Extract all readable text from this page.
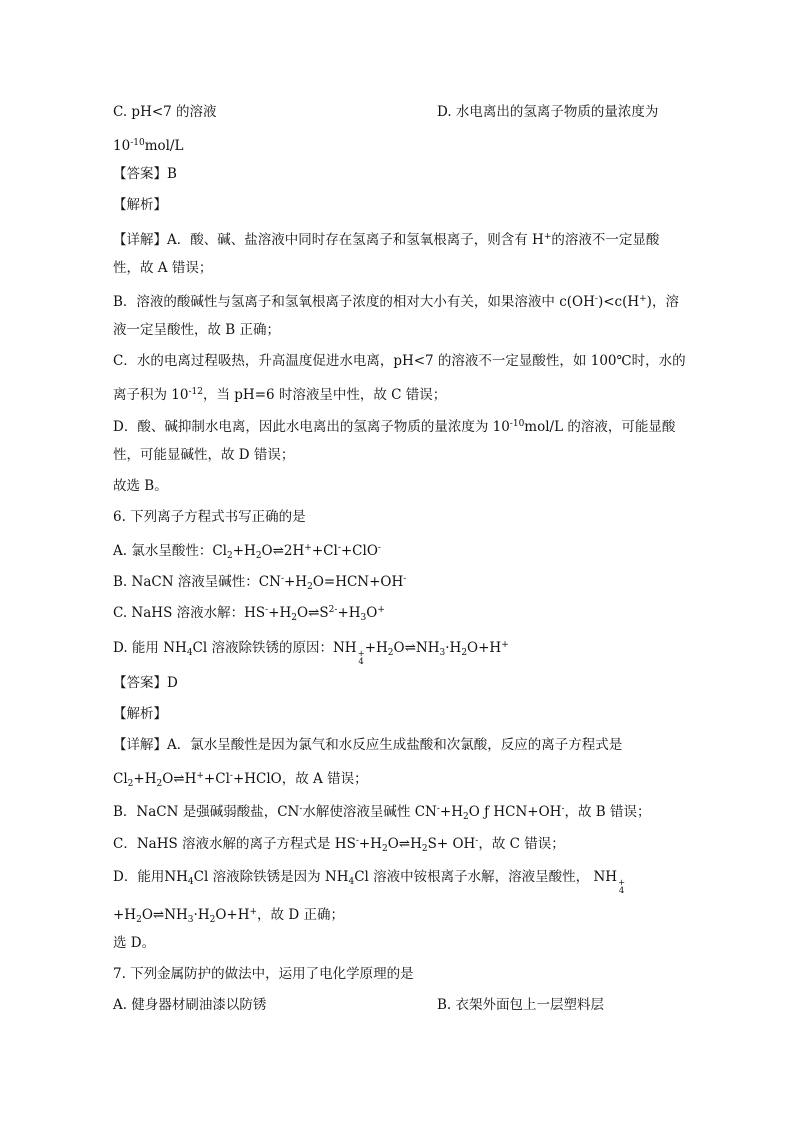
C. pH<7 的溶液	D. 水电离出的氢离子物质的量浓度为
$10^{-10}mol/L$
【答案】B
【解析】
【详解】A．酸、碱、盐溶液中同时存在氢离子和氢氧根离子，则含有 H+的溶液不一定显酸
性，故 A 错误；
B．溶液的酸碱性与氢离子和氢氧根离子浓度的相对大小有关，如果溶液中 c(OH-)<c(H+)，溶
液一定呈酸性，故 B 正确；
C．水的电离过程吸热，升高温度促进水电离，pH<7 的溶液不一定显酸性，如 100℃时，水的
离子积为 $10^{-12}$，当 pH=6 时溶液呈中性，故 C 错误；
D．酸、碱抑制水电离，因此水电离出的氢离子物质的量浓度为 $10^{-10}mol/L$ 的溶液，可能显酸
性，可能显碱性，故 D 错误；
故选 B。
6. 下列离子方程式书写正确的是
A. 氯水呈酸性：$Cl_2+H_2O\rightleftharpoons 2H^++Cl^-+ClO^-$
B. NaCN 溶液呈碱性：$CN^-+H_2O=HCN+OH^-$
C. NaHS 溶液水解：$HS^-+H_2O\rightleftharpoons S^{2-}+H_3O^+$
D. 能用 $NH_4Cl$ 溶液除铁锈的原因：NH +
4
$+H_2O\rightleftharpoons NH_3\cdot H_2O+H^+$
【答案】D
【解析】
【详解】A．氯水呈酸性是因为氯气和水反应生成盐酸和次氯酸，反应的离子方程式是
$Cl_2+H_2O\rightleftharpoons H^++Cl^-+HClO$，故 A 错误；
B．NaCN 是强碱弱酸盐，CN-水解使溶液呈碱性 $CN^-+H_2O$ ƒ HCN+OH-，故 B 错误；
C．NaHS 溶液水解的离子方程式是 $HS^-+H_2O\rightleftharpoons H_2S+ OH^-$，故 C 错误；
D．能用$NH_4Cl$ 溶液除铁锈是因为 $NH_4Cl$ 溶液中铵根离子水解，溶液呈酸性， NH +
4
$+H_2O\rightleftharpoons NH_3\cdot H_2O+H^+$，故 D 正确；
选 D。
7. 下列金属防护的做法中，运用了电化学原理的是
A. 健身器材刷油漆以防锈	B. 衣架外面包上一层塑料层
